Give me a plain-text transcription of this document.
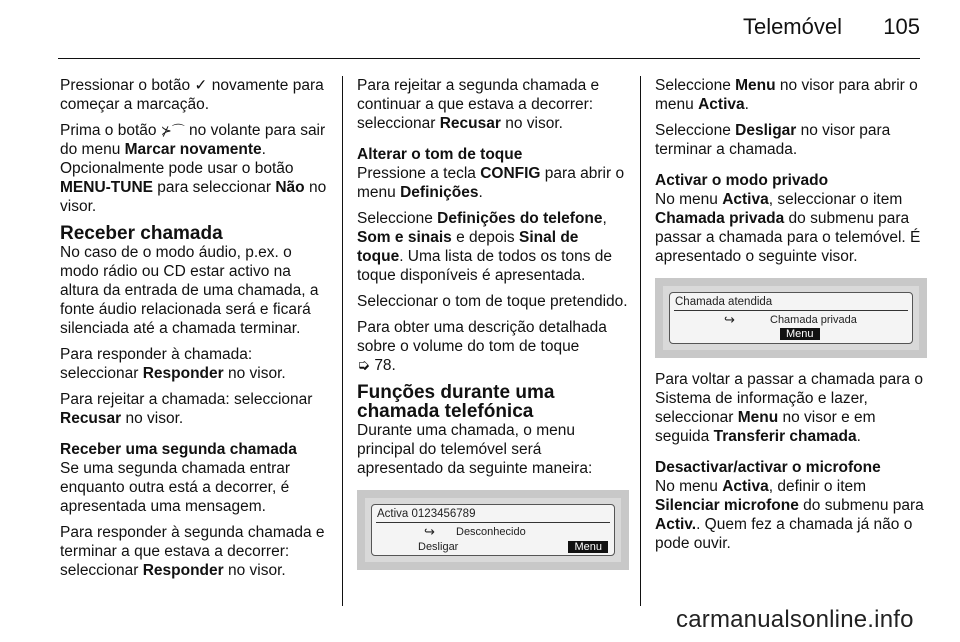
Telemóvel 105

Pressionar o botão ✓ novamente para começar a marcação.

Prima o botão ⊁⌒ no volante para sair do menu Marcar novamente. Opcionalmente pode usar o botão MENU-TUNE para seleccionar Não no visor.

Receber chamada

No caso de o modo áudio, p.ex. o modo rádio ou CD estar activo na altura da entrada de uma chamada, a fonte áudio relacionada será e ficará silenciada até a chamada terminar.

Para responder à chamada: seleccionar Responder no visor.

Para rejeitar a chamada: seleccionar Recusar no visor.

Receber uma segunda chamada

Se uma segunda chamada entrar enquanto outra está a decorrer, é apresentada uma mensagem.

Para responder à segunda chamada e terminar a que estava a decorrer: seleccionar Responder no visor.

Para rejeitar a segunda chamada e continuar a que estava a decorrer: seleccionar Recusar no visor.

Alterar o tom de toque

Pressione a tecla CONFIG para abrir o menu Definições.

Seleccione Definições do telefone, Som e sinais e depois Sinal de toque. Uma lista de todos os tons de toque disponíveis é apresentada.

Seleccionar o tom de toque pretendido.

Para obter uma descrição detalhada sobre o volume do tom de toque
➭ 78.

Funções durante uma chamada telefónica

Durante uma chamada, o menu principal do telemóvel será apresentado da seguinte maneira:

Activa 0123456789
↪ Desconhecido
Desligar	Menu

Seleccione Menu no visor para abrir o menu Activa.

Seleccione Desligar no visor para terminar a chamada.

Activar o modo privado

No menu Activa, seleccionar o item Chamada privada do submenu para passar a chamada para o telemóvel. É apresentado o seguinte visor.

Chamada atendida
↪	Chamada privada
Menu

Para voltar a passar a chamada para o Sistema de informação e lazer, seleccionar Menu no visor e em seguida Transferir chamada.

Desactivar/activar o microfone

No menu Activa, definir o item Silenciar microfone do submenu para Activ.. Quem fez a chamada já não o pode ouvir.

carmanualsonline.info
